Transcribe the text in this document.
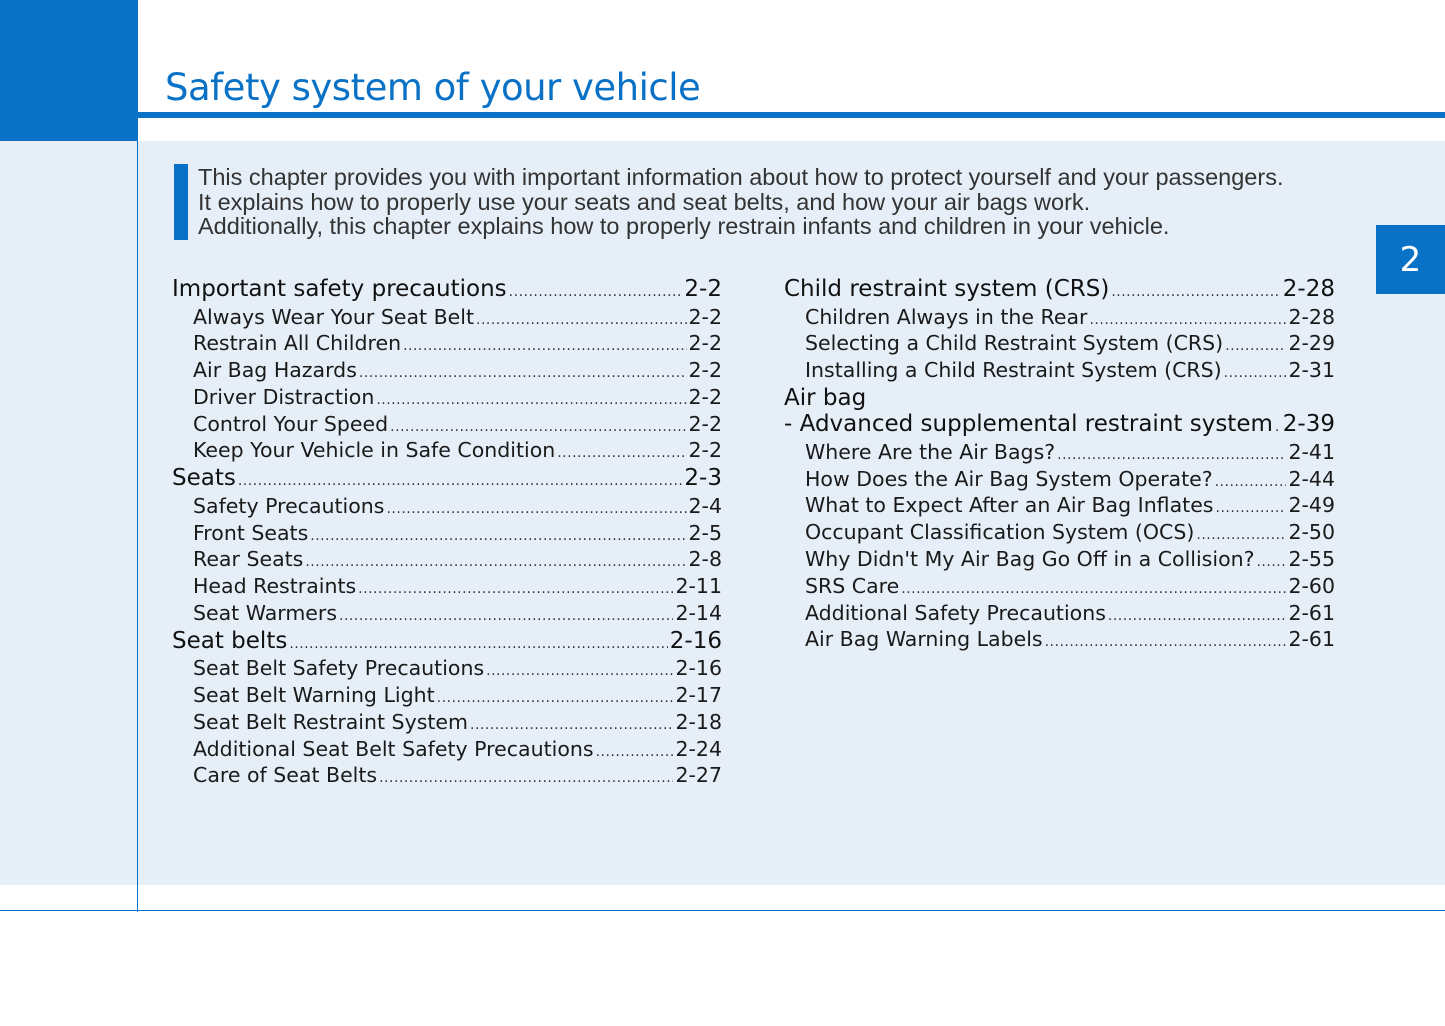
Safety system of your vehicle
2

This chapter provides you with important information about how to protect yourself and your passengers.

It explains how to properly use your seats and seat belts, and how your air bags work.

Additionally, this chapter explains how to properly restrain infants and children in your vehicle.

Important safety precautions .....	2-2
Always Wear Your Seat Belt .....	2-2
Restrain All Children .....	2-2
Air Bag Hazards .....	2-2
Driver Distraction .....	2-2
Control Your Speed .....	2-2
Keep Your Vehicle in Safe Condition .....	2-2
Seats .....	2-3
Safety Precautions .....	2-4
Front Seats .....	2-5
Rear Seats .....	2-8
Head Restraints .....	2-11
Seat Warmers .....	2-14
Seat belts .....	2-16
Seat Belt Safety Precautions .....	2-16
Seat Belt Warning Light .....	2-17
Seat Belt Restraint System .....	2-18
Additional Seat Belt Safety Precautions .....	2-24
Care of Seat Belts .....	2-27
Child restraint system (CRS) .....	2-28
Children Always in the Rear .....	2-28
Selecting a Child Restraint System (CRS) .....	2-29
Installing a Child Restraint System (CRS) .....	2-31
Air bag
- Advanced supplemental restraint system ..... 2-39
Where Are the Air Bags? .....	2-41
How Does the Air Bag System Operate? .....	2-44
What to Expect After an Air Bag Inflates .....	2-49
Occupant Classification System (OCS) .....	2-50
Why Didn't My Air Bag Go Off in a Collision? ..... 2-55
SRS Care .....	2-60
Additional Safety Precautions .....	2-61
Air Bag Warning Labels .....	2-61
